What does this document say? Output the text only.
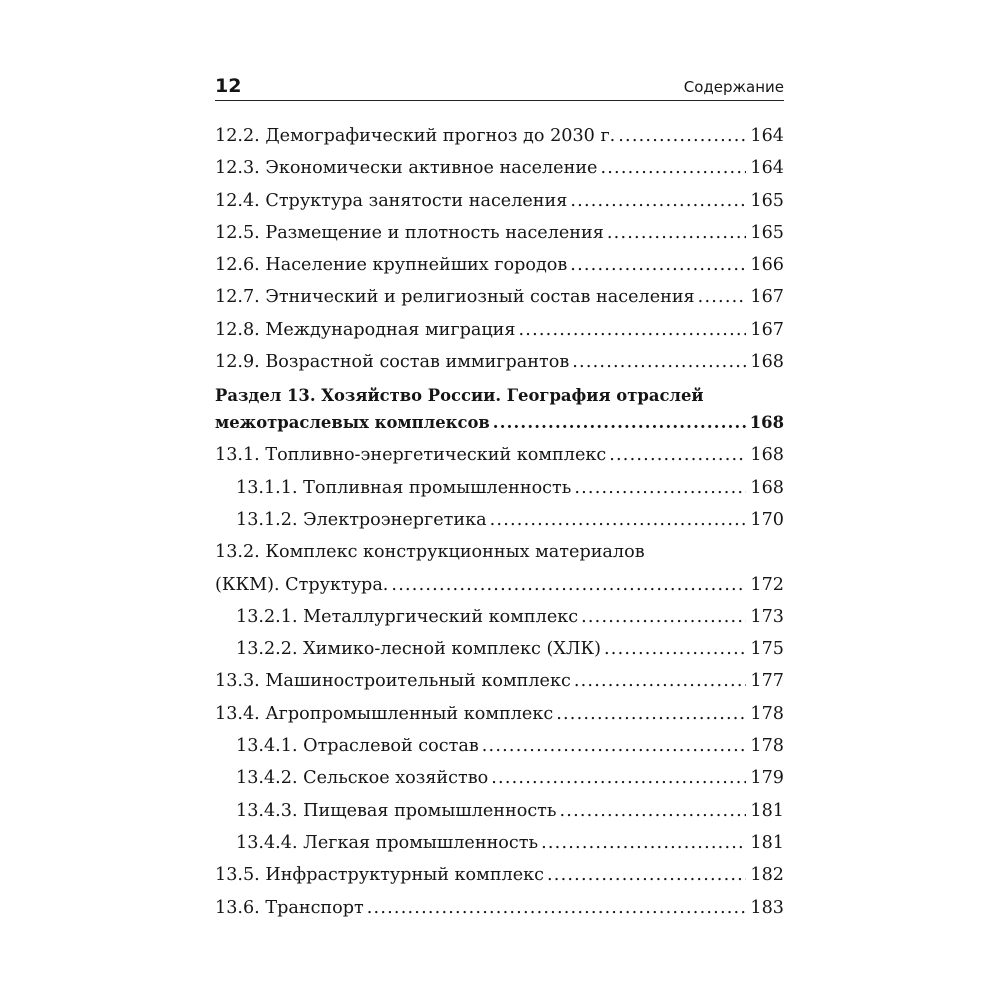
12	Содержание
12.2. Демографический прогноз до 2030 г. .....	164
12.3. Экономически активное население .....	164
12.4. Структура занятости населения .....	165
12.5. Размещение и плотность населения .....	165
12.6. Население крупнейших городов .....	166
12.7. Этнический и религиозный состав населения .....	167
12.8. Международная миграция .....	167
12.9. Возрастной состав иммигрантов .....	168
Раздел 13. Хозяйство России. География отраслей
межотраслевых комплексов .....	168
13.1. Топливно-энергетический комплекс .....	168
13.1.1. Топливная промышленность .....	168
13.1.2. Электроэнергетика .....	170
13.2. Комплекс конструкционных материалов
(ККМ). Структура. .....	172
13.2.1. Металлургический комплекс .....	173
13.2.2. Химико-лесной комплекс (ХЛК) .....	175
13.3. Машиностроительный комплекс .....	177
13.4. Агропромышленный комплекс .....	178
13.4.1. Отраслевой состав .....	178
13.4.2. Сельское хозяйство .....	179
13.4.3. Пищевая промышленность .....	181
13.4.4. Легкая промышленность .....	181
13.5. Инфраструктурный комплекс .....	182
13.6. Транспорт .....	183
